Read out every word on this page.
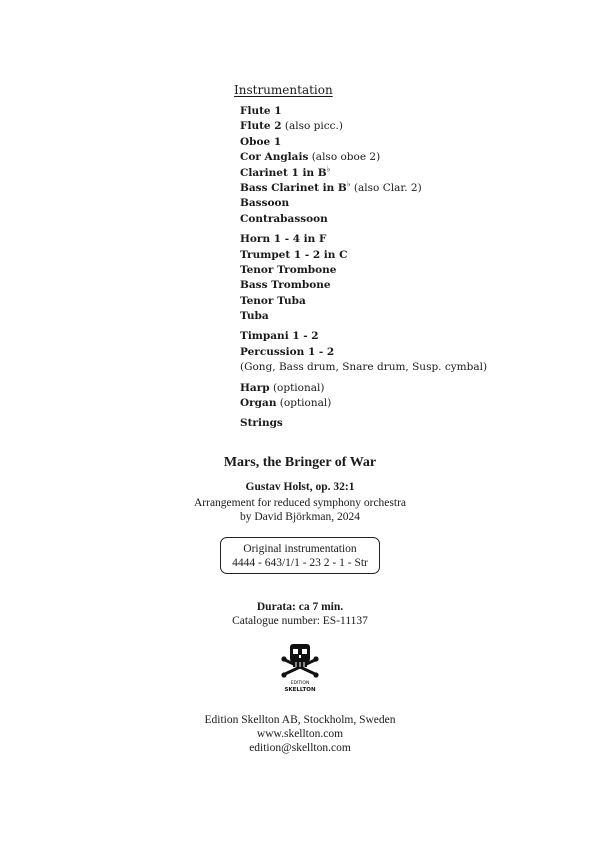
Instrumentation
Flute 1
Flute 2 (also picc.)
Oboe 1
Cor Anglais (also oboe 2)
Clarinet 1 in B♭
Bass Clarinet in B♭ (also Clar. 2)
Bassoon
Contrabassoon
Horn 1 - 4 in F
Trumpet 1 - 2 in C
Tenor Trombone
Bass Trombone
Tenor Tuba
Tuba
Timpani 1 - 2
Percussion 1 - 2
(Gong, Bass drum, Snare drum, Susp. cymbal)
Harp (optional)
Organ (optional)
Strings
Mars, the Bringer of War
Gustav Holst, op. 32:1
Arrangement for reduced symphony orchestra
by David Björkman, 2024
Original instrumentation
4444 - 643/1/1 - 23 2 - 1 - Str
Durata: ca 7 min.
Catalogue number: ES-11137
EDITION
SKELLTON
Edition Skellton AB, Stockholm, Sweden
www.skellton.com
edition@skellton.com
